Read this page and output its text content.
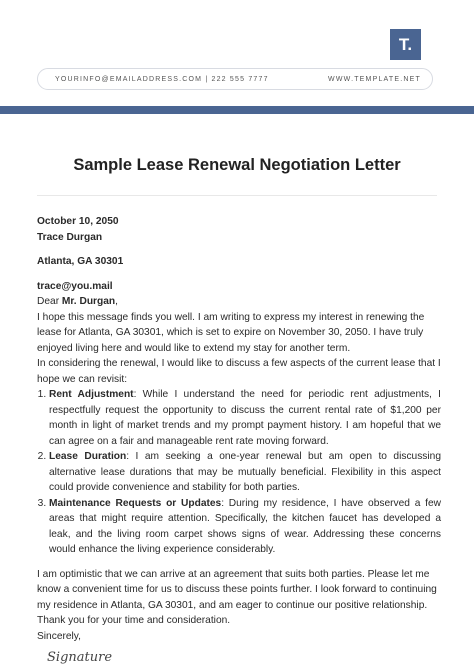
T.
YOURINFO@EMAILADDRESS.COM | 222 555 7777	WWW.TEMPLATE.NET
Sample Lease Renewal Negotiation Letter

October 10, 2050

Trace Durgan

Atlanta, GA 30301

trace@you.mail

Dear Mr. Durgan,

I hope this message finds you well. I am writing to express my interest in renewing the lease for Atlanta, GA 30301, which is set to expire on November 30, 2050. I have truly enjoyed living here and would like to extend my stay for another term.

In considering the renewal, I would like to discuss a few aspects of the current lease that I hope we can revisit:

1. Rent Adjustment: While I understand the need for periodic rent adjustments, I respectfully request the opportunity to discuss the current rental rate of $1,200 per month in light of market trends and my prompt payment history. I am hopeful that we can agree on a fair and manageable rent rate moving forward.
2. Lease Duration: I am seeking a one-year renewal but am open to discussing alternative lease durations that may be mutually beneficial. Flexibility in this aspect could provide convenience and stability for both parties.
3. Maintenance Requests or Updates: During my residence, I have observed a few areas that might require attention. Specifically, the kitchen faucet has developed a leak, and the living room carpet shows signs of wear. Addressing these concerns would enhance the living experience considerably.

I am optimistic that we can arrive at an agreement that suits both parties. Please let me know a convenient time for us to discuss these points further. I look forward to continuing my residence in Atlanta, GA 30301, and am eager to continue our positive relationship.

Thank you for your time and consideration.

Sincerely,

Signature
